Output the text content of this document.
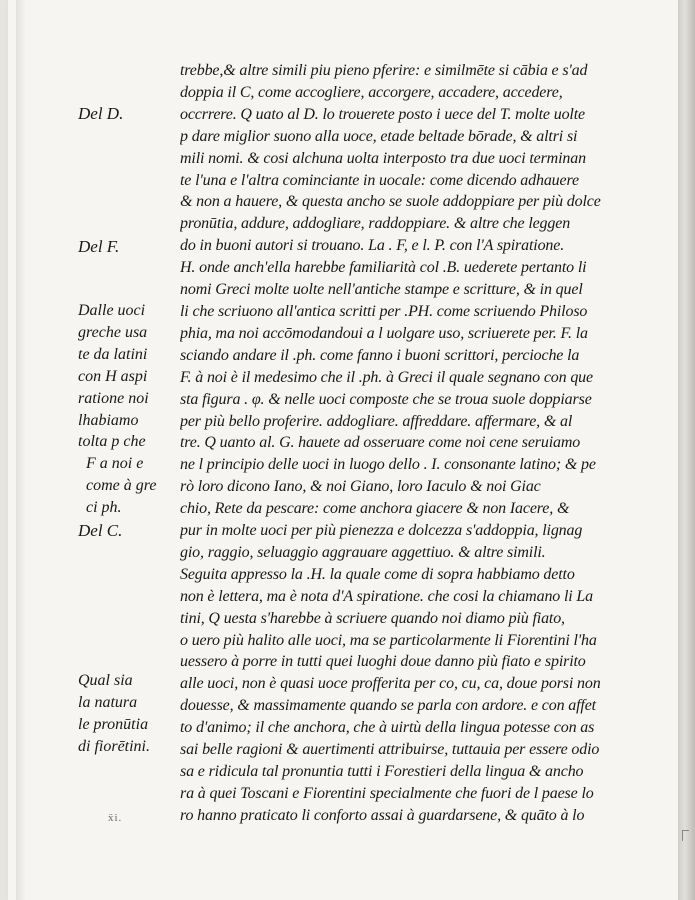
trebbe,& altre simili piu pieno pferire: e similmēte si cābia e s'ad
doppia il C, come accogliere, accorgere, accadere, accedere,
occrrere. Q uato al D. lo trouerete posto i uece del T. molte uolte
p dare miglior suono alla uoce, etade beltade bōrade, & altri si
mili nomi. & cosi alchuna uolta interposto tra due uoci terminan
te l'una e l'altra cominciante in uocale: come dicendo adhauere
& non a hauere, & questa ancho se suole addoppiare per più dolce
pronūtia, addure, addogliare, raddoppiare. & altre che leggen
do in buoni autori si trouano. La . F, e l. P. con l'A spiratione.
H. onde anch'ella harebbe familiarità col .B. uederete pertanto li
nomi Greci molte uolte nell'antiche stampe e scritture, & in quel
li che scriuono all'antica scritti per .PH. come scriuendo Philoso
phia, ma noi accōmodandoui a l uolgare uso, scriuerete per. F. la
sciando andare il .ph. come fanno i buoni scrittori, percioche la
F. à noi è il medesimo che il .ph. à Greci il quale segnano con que
sta figura . φ. & nelle uoci composte che se troua suole doppiarse
per più bello proferire. addogliare. affreddare. affermare, & al
tre. Q uanto al. G. hauete ad osseruare come noi cene seruiamo
ne l principio delle uoci in luogo dello . I. consonante latino; & pe
rò loro dicono Iano, & noi Giano, loro Iaculo & noi Giac
chio, Rete da pescare: come anchora giacere & non Iacere, &
pur in molte uoci per più pienezza e dolcezza s'addoppia, lignag
gio, raggio, seluaggio aggrauare aggettiuo. & altre simili.
Seguita appresso la .H. la quale come di sopra habbiamo detto
non è lettera, ma è nota d'A spiratione. che cosi la chiamano li La
tini, Q uesta s'harebbe à scriuere quando noi diamo più fiato,
o uero più halito alle uoci, ma se particolarmente li Fiorentini l'ha
uessero à porre in tutti quei luoghi doue danno più fiato e spirito
alle uoci, non è quasi uoce profferita per co, cu, ca, doue porsi non
douesse, & massimamente quando se parla con ardore. e con affet
to d'animo; il che anchora, che à uirtù della lingua potesse con as
sai belle ragioni & auertimenti attribuirse, tuttauia per essere odio
sa e ridicula tal pronuntia tutti i Forestieri della lingua & ancho
ra à quei Toscani e Fiorentini specialmente che fuori de l paese lo
ro hanno praticato li conforto assai à guardarsene, & quāto à lo
Del D.
Del F.
Dalle uoci
greche usa
te da latini
con H aspi
ratione noi
lhabiamo
tolta p che
F a noi e
come à gre
ci ph.
Del C.
Qual sia
la natura
le pronūtia
di fiorētini.
ẍi.
